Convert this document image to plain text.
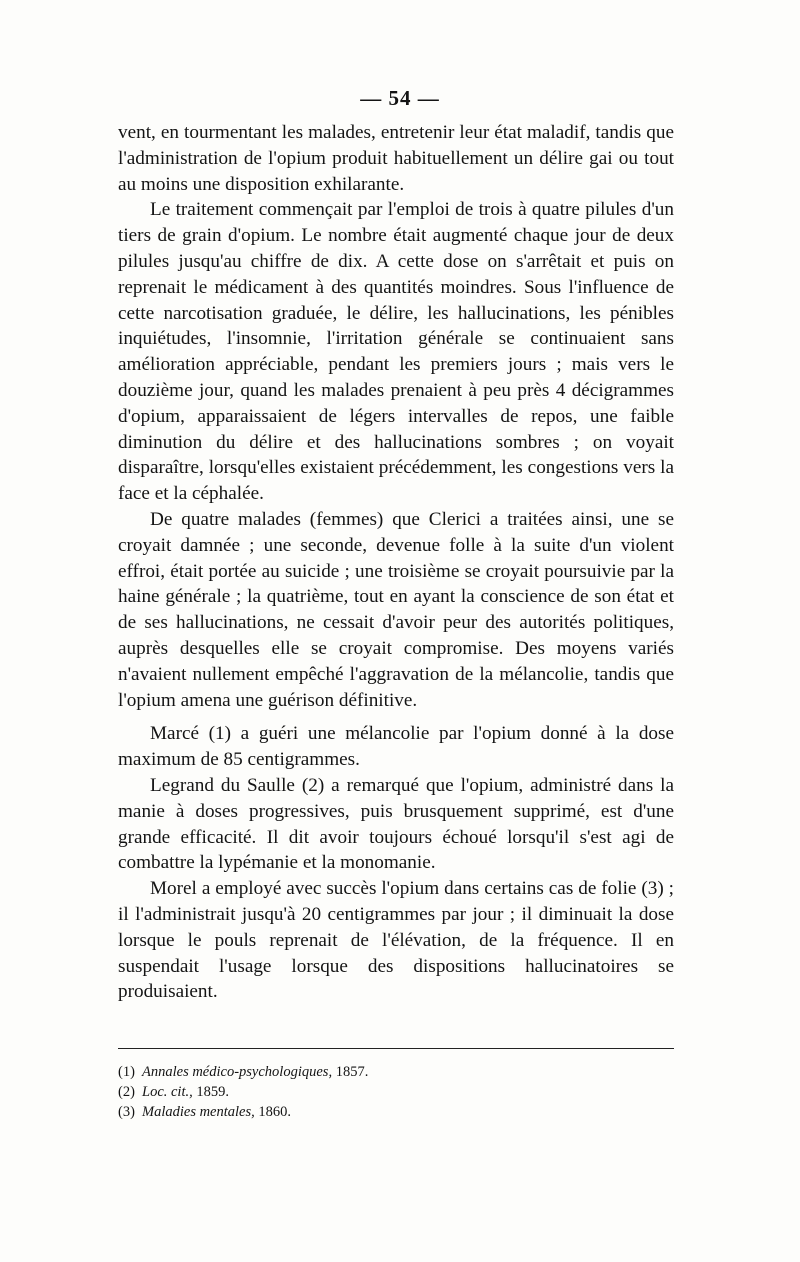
— 54 —

vent, en tourmentant les malades, entretenir leur état maladif, tandis que l'administration de l'opium produit habituellement un délire gai ou tout au moins une disposition exhilarante.

Le traitement commençait par l'emploi de trois à quatre pilules d'un tiers de grain d'opium. Le nombre était augmenté chaque jour de deux pilules jusqu'au chiffre de dix. A cette dose on s'arrêtait et puis on reprenait le médicament à des quantités moindres. Sous l'influence de cette narcotisation graduée, le délire, les hallucinations, les pénibles inquiétudes, l'insomnie, l'irritation générale se continuaient sans amélioration appréciable, pendant les premiers jours ; mais vers le douzième jour, quand les malades prenaient à peu près 4 décigrammes d'opium, apparaissaient de légers intervalles de repos, une faible diminution du délire et des hallucinations sombres ; on voyait disparaître, lorsqu'elles existaient précédemment, les congestions vers la face et la céphalée.

De quatre malades (femmes) que Clerici a traitées ainsi, une se croyait damnée ; une seconde, devenue folle à la suite d'un violent effroi, était portée au suicide ; une troisième se croyait poursuivie par la haine générale ; la quatrième, tout en ayant la conscience de son état et de ses hallucinations, ne cessait d'avoir peur des autorités politiques, auprès desquelles elle se croyait compromise. Des moyens variés n'avaient nullement empêché l'aggravation de la mélancolie, tandis que l'opium amena une guérison définitive.

Marcé (1) a guéri une mélancolie par l'opium donné à la dose maximum de 85 centigrammes.

Legrand du Saulle (2) a remarqué que l'opium, administré dans la manie à doses progressives, puis brusquement supprimé, est d'une grande efficacité. Il dit avoir toujours échoué lorsqu'il s'est agi de combattre la lypémanie et la monomanie.

Morel a employé avec succès l'opium dans certains cas de folie (3) ; il l'administrait jusqu'à 20 centigrammes par jour ; il diminuait la dose lorsque le pouls reprenait de l'élévation, de la fréquence. Il en suspendait l'usage lorsque des dispositions hallucinatoires se produisaient.

(1) Annales médico-psychologiques, 1857.
(2) Loc. cit., 1859.
(3) Maladies mentales, 1860.
